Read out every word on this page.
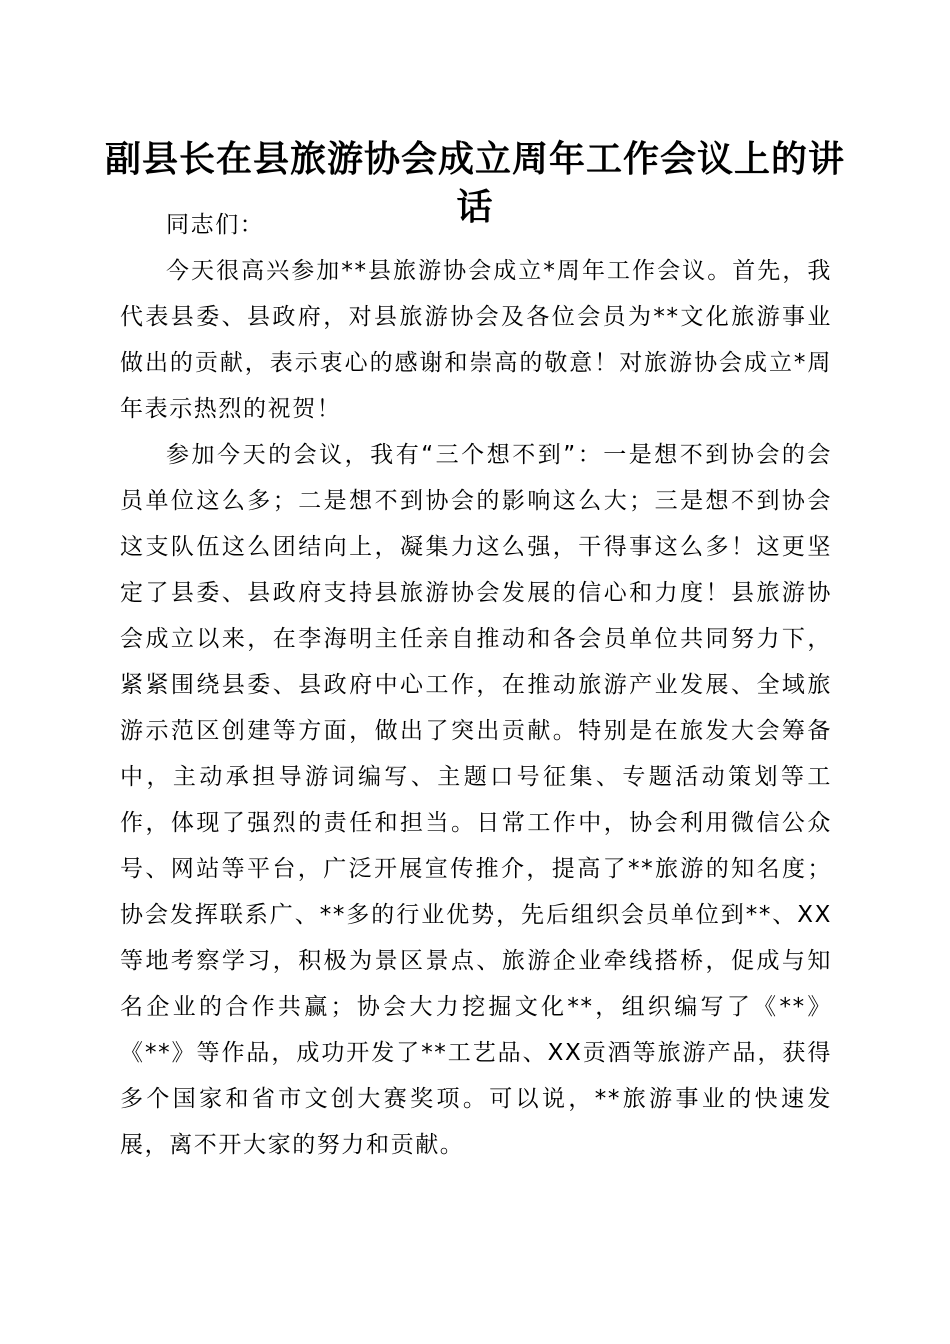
副县长在县旅游协会成立周年工作会议上的讲话

同志们：

今天很高兴参加**县旅游协会成立*周年工作会议。首先，我代表县委、县政府，对县旅游协会及各位会员为**文化旅游事业做出的贡献，表示衷心的感谢和崇高的敬意！对旅游协会成立*周年表示热烈的祝贺！

参加今天的会议，我有“三个想不到”：一是想不到协会的会员单位这么多；二是想不到协会的影响这么大；三是想不到协会这支队伍这么团结向上，凝集力这么强，干得事这么多！这更坚定了县委、县政府支持县旅游协会发展的信心和力度！县旅游协会成立以来，在李海明主任亲自推动和各会员单位共同努力下，紧紧围绕县委、县政府中心工作，在推动旅游产业发展、全域旅游示范区创建等方面，做出了突出贡献。特别是在旅发大会筹备中，主动承担导游词编写、主题口号征集、专题活动策划等工作，体现了强烈的责任和担当。日常工作中，协会利用微信公众号、网站等平台，广泛开展宣传推介，提高了**旅游的知名度；协会发挥联系广、**多的行业优势，先后组织会员单位到**、XX等地考察学习，积极为景区景点、旅游企业牵线搭桥，促成与知名企业的合作共赢；协会大力挖掘文化**，组织编写了《**》《**》等作品，成功开发了**工艺品、XX贡酒等旅游产品，获得多个国家和省市文创大赛奖项。可以说，**旅游事业的快速发展，离不开大家的努力和贡献。
